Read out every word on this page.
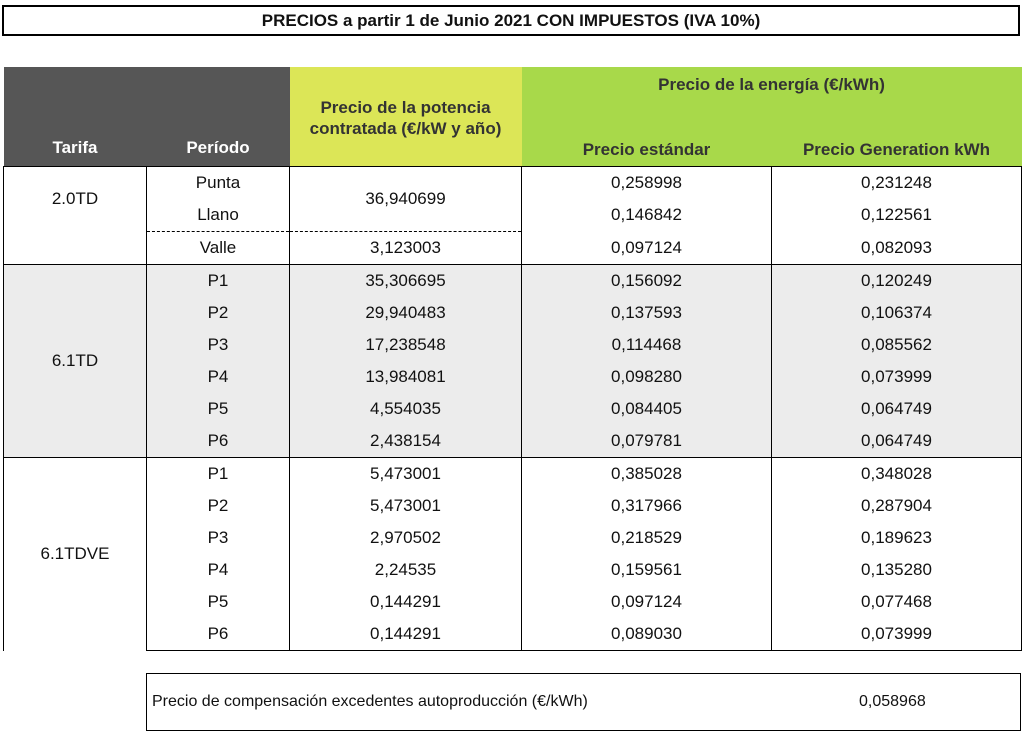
PRECIOS a partir 1 de Junio 2021 CON IMPUESTOS (IVA 10%)
Tarifa	Período	Precio de la potencia contratada (€/kW y año)	Precio de la energía (€/kWh)	
			Precio estándar	Precio Generation kWh
2.0TD	Punta	36,940699	0,258998	0,231248
	Llano		0,146842	0,122561
	Valle	3,123003	0,097124	0,082093
6.1TD	P1	35,306695	0,156092	0,120249
	P2	29,940483	0,137593	0,106374
	P3	17,238548	0,114468	0,085562
	P4	13,984081	0,098280	0,073999
	P5	4,554035	0,084405	0,064749
	P6	2,438154	0,079781	0,064749
6.1TDVE	P1	5,473001	0,385028	0,348028
	P2	5,473001	0,317966	0,287904
	P3	2,970502	0,218529	0,189623
	P4	2,24535	0,159561	0,135280
	P5	0,144291	0,097124	0,077468
	P6	0,144291	0,089030	0,073999
Precio de compensación excedentes autoproducción (€/kWh)	0,058968
